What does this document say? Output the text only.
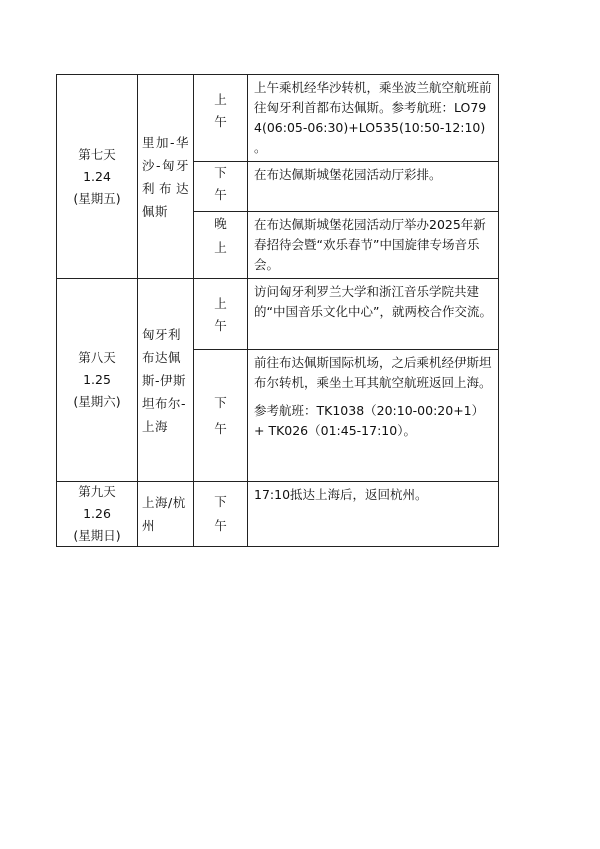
第七天
1.24
(星期五)	里加-华沙-匈牙利布达佩斯	上午	上午乘机经华沙转机，乘坐波兰航空航班前往匈牙利首都布达佩斯。参考航班：LO794(06:05-06:30)+LO535(10:50-12:10) 。

		下午	在布达佩斯城堡花园活动厅彩排。

		晚上	在布达佩斯城堡花园活动厅举办2025年新春招待会暨“欢乐春节”中国旋律专场音乐会。

第八天
1.25
(星期六)	匈牙利布达佩斯-伊斯坦布尔-上海	上午	访问匈牙利罗兰大学和浙江音乐学院共建的“中国音乐文化中心”，就两校合作交流。

		下午	前往布达佩斯国际机场，之后乘机经伊斯坦布尔转机，乘坐土耳其航空航班返回上海。

参考航班：TK1038（20:10-00:20+1）+ TK026（01:45-17:10）。

第九天
1.26
(星期日)	上海/杭州	下午	17:10抵达上海后，返回杭州。
